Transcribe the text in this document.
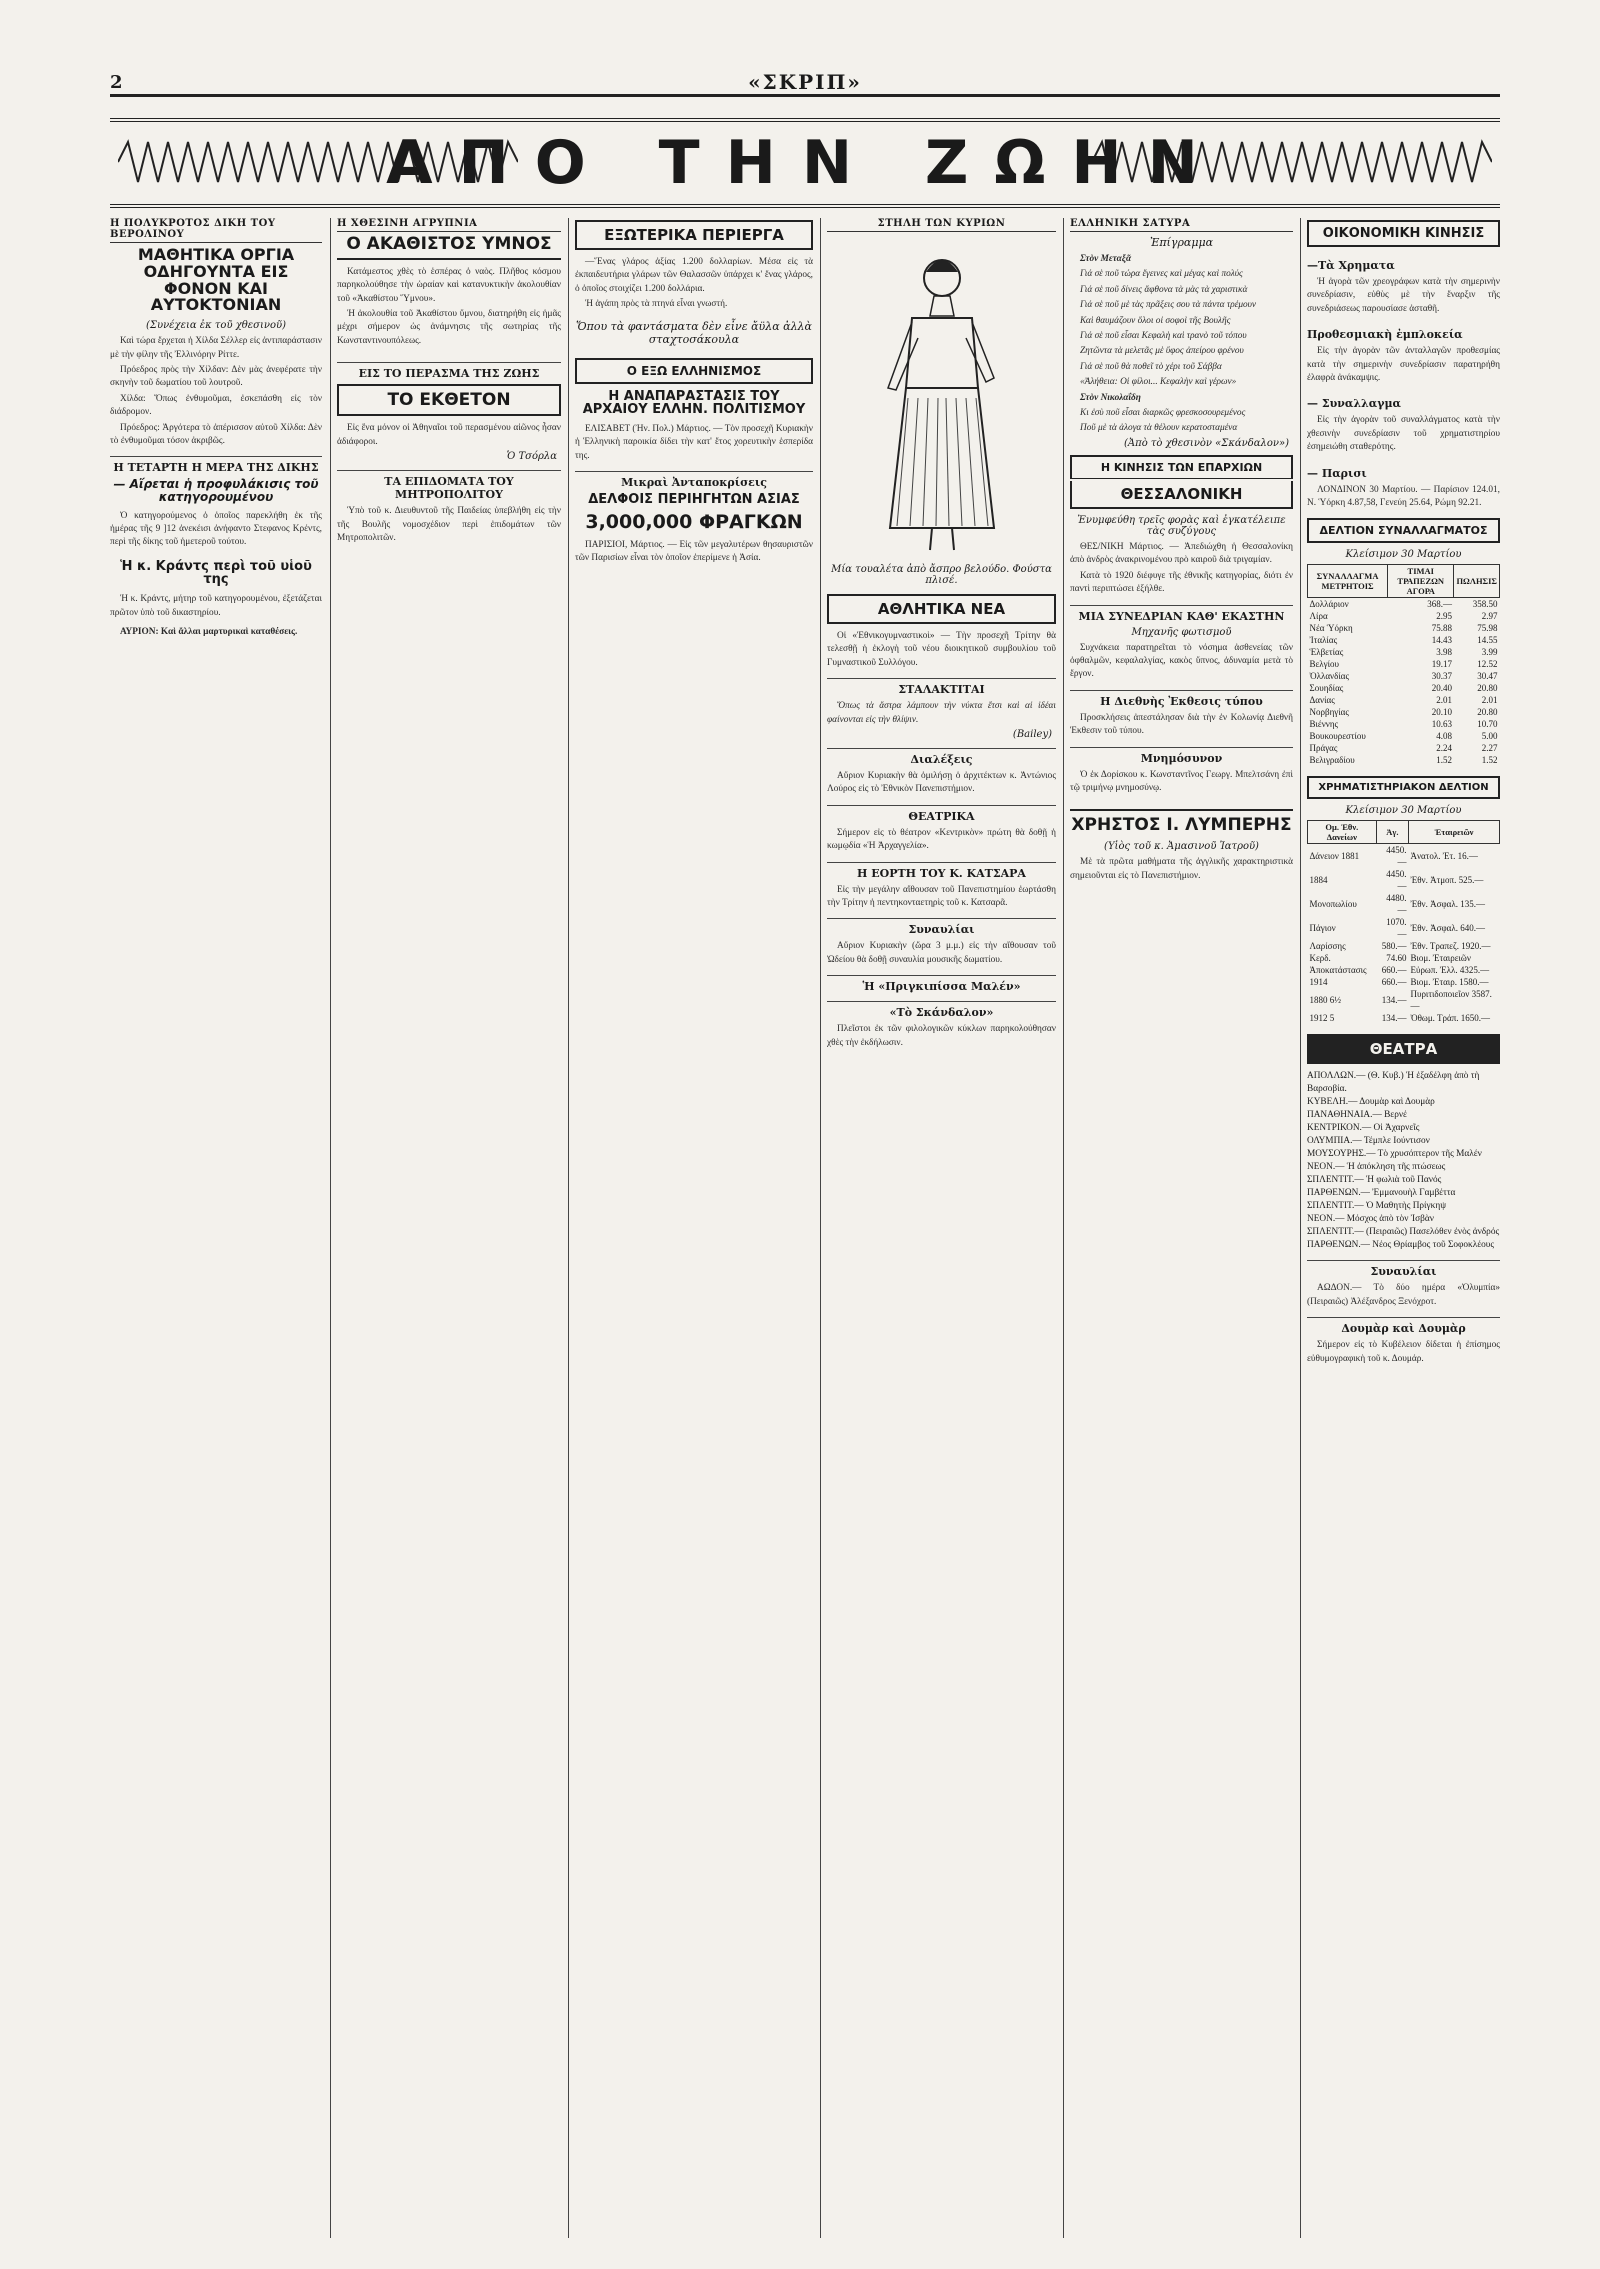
2	«ΣΚΡΙΠ»
ΑΠΟ ΤΗΝ ΖΩΗΝ
Η ΠΟΛΥΚΡΟΤΟΣ ΔΙΚΗ ΤΟΥ ΒΕΡΟΛΙΝΟΥ
ΜΑΘΗΤΙΚΑ ΟΡΓΙΑ ΟΔΗΓΟΥΝΤΑ ΕΙΣ ΦΟΝΟΝ ΚΑΙ ΑΥΤΟΚΤΟΝΙΑΝ
(Συνέχεια ἐκ τοῦ χθεσινοῦ)

Καὶ τώρα ἔρχεται ἡ Χίλδα Σέλλερ εἰς ἀντιπαράστασιν μὲ τὴν φίλην τῆς Ἐλλινόρην Ρίττε.

Πρόεδρος πρὸς τὴν Χίλδαν: Δὲν μὰς ἀνεφέρατε τὴν σκηνὴν τοῦ δωματίου τοῦ λουτροῦ.

Χίλδα: Ὅπως ἐνθυμοῦμαι, ἐσκεπάσθη εἰς τὸν διάδρομον.

Πρόεδρος: Ἀργότερα τὸ ἀπέρισσον αὐτοῦ Χίλδα: Δὲν τὸ ἐνθυμοῦμαι τόσον ἀκριβῶς.

Η ΤΕΤΑΡΤΗ Η ΜΕΡΑ ΤΗΣ ΔΙΚΗΣ
— Αἴρεται ἡ προφυλάκισις τοῦ κατηγορουμένου

Ὁ κατηγορούμενος ὁ ὁποῖος παρεκλήθη ἐκ τῆς ἡμέρας τῆς 9 ]12 ἀνεκέισι ἀνήφαντο Στεφανος Κρέντς, περὶ τῆς δίκης τοῦ ἡμετεροῦ τούτου.

Ἡ κ. Κράντς περὶ τοῦ υἱοῦ της

Ἡ κ. Κράντς, μήτηρ τοῦ κατηγορουμένου, ἐξετάζεται πρῶτον ὑπὸ τοῦ δικαστηρίου.

ΑΥΡΙΟΝ: Καὶ ἄλλαι μαρτυρικαὶ καταθέσεις.

Η ΧΘΕΣΙΝΗ ΑΓΡΥΠΝΙΑ
Ο ΑΚΑΘΙΣΤΟΣ ΥΜΝΟΣ

Κατάμεστος χθὲς τὸ ἑσπέρας ὁ ναὸς. Πλῆθος κόσμου παρηκολούθησε τὴν ὡραίαν καὶ κατανυκτικὴν ἀκολουθίαν τοῦ «Ἀκαθίστου Ὕμνου».

Ἡ ἀκολουθία τοῦ Ἀκαθίστου ὕμνου, διατηρήθη εἰς ἡμᾶς μέχρι σήμερον ὡς ἀνάμνησις τῆς σωτηρίας τῆς Κωνσταντινουπόλεως.

ΕΙΣ ΤΟ ΠΕΡΑΣΜΑ ΤΗΣ ΖΩΗΣ
ΤΟ ΕΚΘΕΤΟΝ

Εἰς ἕνα μόνον οἱ Ἀθηναῖοι τοῦ περασμένου αἰῶνος ἦσαν ἀδιάφοροι.

Ὁ Τσόρλα
ΤΑ ΕΠΙΔΟΜΑΤΑ ΤΟΥ ΜΗΤΡΟΠΟΛΙΤΟΥ

Ὑπὸ τοῦ κ. Διευθυντοῦ τῆς Παιδείας ὑπεβλήθη εἰς τὴν τῆς Βουλῆς νομοσχέδιον περὶ ἐπιδομάτων τῶν Μητροπολιτῶν.

ΕΞΩΤΕΡΙΚΑ ΠΕΡΙΕΡΓΑ

—Ἕνας γλάρος ἀξίας 1.200 δολλαρίων. Μέσα εἰς τὰ ἐκπαιδευτήρια γλάρων τῶν Θαλασσῶν ὑπάρχει κ' ἕνας γλάρος, ὁ ὁποῖος στοιχίζει 1.200 δολλάρια.

Ἡ ἀγάπη πρὸς τὰ πτηνά εἶναι γνωστή.

Ὅπου τὰ φαντάσματα δὲν εἶνε ἄϋλα ἀλλὰ σταχτοσάκουλα
Ο ΕΞΩ ΕΛΛΗΝΙΣΜΟΣ
Η ΑΝΑΠΑΡΑΣΤΑΣΙΣ ΤΟΥ ΑΡΧΑΙΟΥ ΕΛΛΗΝ. ΠΟΛΙΤΙΣΜΟΥ

ΕΛΙΣΑΒΕΤ (Ἠν. Πολ.) Μάρτιος. — Τὸν προσεχῆ Κυριακὴν ἡ Ἑλληνικὴ παροικία δίδει τὴν κατ' ἔτος χορευτικὴν ἑσπερίδα της.

Μικραὶ Ἀνταποκρίσεις
ΔΕΛΦΟΙΣ ΠΕΡΙΗΓΗΤΩΝ ΑΣΙΑΣ
3,000,000 ΦΡΑΓΚΩΝ

ΠΑΡΙΣΙΟΙ, Μάρτιος. — Εἰς τῶν μεγαλυτέρων θησαυριστῶν τῶν Παρισίων εἶναι τὸν ὁποῖον ἐπερίμενε ἡ Ἀσία.

ΣΤΗΛΗ ΤΩΝ ΚΥΡΙΩΝ
Μία τουαλέτα ἀπὸ ἄσπρο βελούδο. Φούστα πλισέ.
ΑΘΛΗΤΙΚΑ ΝΕΑ

Οἱ «Ἐθνικογυμναστικοὶ» — Τὴν προσεχῆ Τρίτην θὰ τελεσθῇ ἡ ἐκλογὴ τοῦ νέου διοικητικοῦ συμβουλίου τοῦ Γυμναστικοῦ Συλλόγου.

ΣΤΑΛΑΚΤΙΤΑΙ

Ὅπως τὰ ἄστρα λάμπουν τὴν νύκτα ἔτσι καὶ αἱ ἰδέαι φαίνονται εἰς τὴν θλίψιν.

(Bailey)
Διαλέξεις

Αὔριον Κυριακὴν θὰ ὁμιλήσῃ ὁ ἀρχιτέκτων κ. Ἀντώνιος Λούρος εἰς τὸ Ἐθνικὸν Πανεπιστήμιον.

ΘΕΑΤΡΙΚΑ

Σήμερον εἰς τὸ θέατρον «Κεντρικὸν» πρώτη θὰ δοθῇ ἡ κωμῳδία «Ἡ Ἀρχαγγελία».

Η ΕΟΡΤΗ ΤΟΥ Κ. ΚΑΤΣΑΡΑ

Εἰς τὴν μεγάλην αἴθουσαν τοῦ Πανεπιστημίου ἐωρτάσθη τὴν Τρίτην ἡ πεντηκονταετηρὶς τοῦ κ. Κατσαρᾶ.

Συναυλίαι

Αὔριον Κυριακὴν (ὥρα 3 μ.μ.) εἰς τὴν αἴθουσαν τοῦ Ὠδείου θὰ δοθῇ συναυλία μουσικῆς δωματίου.

Ἡ «Πριγκιπίσσα Μαλέν»
«Τὸ Σκάνδαλον»

Πλεῖστοι ἐκ τῶν φιλολογικῶν κύκλων παρηκολούθησαν χθὲς τὴν ἐκδήλωσιν.

ΕΛΛΗΝΙΚΗ ΣΑΤΥΡΑ
Ἐπίγραμμα

Στὸν Μεταξᾶ

Γιά σὲ ποῦ τώρα ἔγεινες καὶ μέγας καὶ πολύς

Γιά σὲ ποῦ δίνεις ἄφθονα τὰ μὰς τὰ χαριστικὰ

Γιά σὲ ποῦ μὲ τὰς πρᾶξεις σου τὰ πάντα τρέμουν

Καὶ θαυμάζουν ὅλοι οἱ σοφοὶ τῆς Βουλῆς

Γιά σὲ ποῦ εἶσαι Κεφαλὴ καὶ τρανὸ τοῦ τόπου

Ζητῶντα τὰ μελετᾶς μὲ ὕφος ἀπείρου φρένου

Γιά σὲ ποῦ θὰ ποθεῖ τὸ χέρι τοῦ Σάββα

«Ἀλήθεια: Οἱ φίλοι... Κεφαλὴν καὶ γέρων»

Στὸν Νικολαΐδη

Κι ἐσὺ ποῦ εἶσαι διαρκῶς φρεσκοσουρεμένος

Ποῦ μὲ τὰ ἀλογα τὰ θέλουν κερατοσταμένα

(Ἀπὸ τὸ χθεσινὸν «Σκάνδαλον»)
Η ΚΙΝΗΣΙΣ ΤΩΝ ΕΠΑΡΧΙΩΝ
ΘΕΣΣΑΛΟΝΙΚΗ
Ἐνυμφεύθη τρεῖς φορὰς καὶ ἐγκατέλειπε τὰς συζύγους

ΘΕΣ/ΝΙΚΗ Μάρτιος. — Ἀπεδιώχθη ἡ Θεσσαλονίκη ἀπὸ ἀνδρὸς ἀνακρινομένου πρὸ καιροῦ διὰ τριγαμίαν.

Κατὰ τὸ 1920 διέφυγε τῆς ἐθνικῆς κατηγορίας, διότι ἐν παντὶ περιπτώσει ἐξήλθε.

ΜΙΑ ΣΥΝΕΔΡΙΑΝ ΚΑΘ' ΕΚΑΣΤΗΝ
Μηχανῆς φωτισμοῦ

Συχνάκεια παρατηρεῖται τὸ νόσημα ἀσθενείας τῶν ὀφθαλμῶν, κεφαλαλγίας, κακὸς ὕπνος, ἀδυναμία μετὰ τὸ ἔργον.

Η Διεθνὴς Ἐκθεσις τύπου

Προσκλήσεις ἀπεστάλησαν διὰ τὴν ἐν Κολωνίᾳ Διεθνῆ Ἐκθεσιν τοῦ τύπου.

Μνημόσυνον

Ὁ ἐκ Δορίσκου κ. Κωνσταντῖνος Γεωργ. Μπελτσάνη ἐπὶ τῷ τριμήνῳ μνημοσύνῳ.

ΧΡΗΣΤΟΣ Ι. ΛΥΜΠΕΡΗΣ
(Υἱὸς τοῦ κ. Ἀμασινοῦ Ἰατροῦ)

Μὲ τὰ πρῶτα μαθήματα τῆς ἀγγλικῆς χαρακτηριστικὰ σημειοῦνται εἰς τὸ Πανεπιστήμιον.

ΟΙΚΟΝΟΜΙΚΗ ΚΙΝΗΣΙΣ
—Τὰ Χρηματα

Ἡ ἀγορὰ τῶν χρεογράφων κατὰ τὴν σημερινὴν συνεδρίασιν, εὐθὺς μὲ τὴν ἔναρξιν τῆς συνεδριάσεως παρουσίασε ἀσταθῆ.

Προθεσμιακὴ ἐμπλοκεία

Εἰς τὴν ἀγορὰν τῶν ἀνταλλαγῶν προθεσμίας κατὰ τὴν σημερινὴν συνεδρίασιν παρατηρήθη ἐλαφρὰ ἀνάκαμψις.

— Συναλλαγμα

Εἰς τὴν ἀγορὰν τοῦ συναλλάγματος κατὰ τὴν χθεσινὴν συνεδρίασιν τοῦ χρηματιστηρίου ἐσημειώθη σταθερότης.

— Παρισι

ΛΟΝΔΙΝΟΝ 30 Μαρτίου. — Παρίσιον 124.01, Ν. Ὑόρκη 4.87,58, Γενεύη 25.64, Ρώμη 92.21.

ΔΕΛΤΙΟΝ ΣΥΝΑΛΛΑΓΜΑΤΟΣ
Κλείσιμον 30 Μαρτίου
ΣΥΝΑΛΛΑΓΜΑ ΜΕΤΡΗΤΟΙΣ	ΤΙΜΑΙ ΤΡΑΠΕΖΩΝ ΑΓΟΡΑ	ΠΩΛΗΣΙΣ
Δολλάριον	368.—	358.50
Λίρα	2.95	2.97
Νέα Ὑόρκη	75.88	75.98
Ἰταλίας	14.43	14.55
Ἑλβετίας	3.98	3.99
Βελγίου	19.17	12.52
Ὀλλανδίας	30.37	30.47
Σουηδίας	20.40	20.80
Δανίας	2.01	2.01
Νορβηγίας	20.10	20.80
Βιέννης	10.63	10.70
Βουκουρεστίου	4.08	5.00
Πράγας	2.24	2.27
Βελιγραδίου	1.52	1.52
ΧΡΗΜΑΤΙΣΤΗΡΙΑΚΟΝ ΔΕΛΤΙΟΝ
Κλείσιμον 30 Μαρτίου
Ομ. Ἐθν. Δανείων	Ἀγ.	Ἐταιρειῶν
Δάνειον 1881	4450.—	Ἀνατολ. Ἐτ. 16.—
1884	4450.—	Ἐθν. Ἀτμοπ. 525.—
Μονοπωλίου	4480.—	Ἐθν. Ἀσφαλ. 135.—
Πάγιον	1070.—	Ἐθν. Ἀσφαλ. 640.—
Λαρίσσης	580.—	Ἐθν. Τραπεζ. 1920.—
Κερδ.	74.60	Βιομ. Ἐταιρειῶν
Ἀποκατάστασις	660.—	Εὐρωπ. Ἐλλ. 4325.—
1914	660.—	Βιομ. Ἐταιρ. 1580.—
1880 6½	134.—	Πυριτιδοποιεῖον 3587.—
1912 5	134.—	Ὀθωμ. Τράπ. 1650.—
ΘΕΑΤΡΑ
ΑΠΟΛΛΩΝ.— (Θ. Κυβ.) Ἡ ἐξαδέλφη ἀπὸ τὴ Βαρσοβία.
ΚΥΒΕΛΗ.— Δουμὰρ καὶ Δουμὰρ
ΠΑΝΑΘΗΝΑΙΑ.— Βερνέ
ΚΕΝΤΡΙΚΟΝ.— Οἱ Ἀχαρνεῖς
ΟΛΥΜΠΙΑ.— Τέμπλε Ιούντισον
ΜΟΥΣΟΥΡΗΣ.— Τὸ χρυσόπτερον τῆς Μαλέν
ΝΕΟΝ.— Ἡ ἀπόκληση τῆς πτώσεως
ΣΠΛΕΝΤΙΤ.— Ἡ φωλιὰ τοῦ Πανός
ΠΑΡΘΕΝΩΝ.— Ἐμμανουὴλ Γαμβέττα
ΣΠΛΕΝΤΙΤ.— Ὁ Μαθητὴς Πρίγκηψ
ΝΕΟΝ.— Μόσχος ἀπὸ τὸν Ἰσβὰν
ΣΠΛΕΝΤΙΤ.— (Πειραιῶς) Πασελόθεν ἐνὸς ἀνδρός
ΠΑΡΘΕΝΩΝ.— Νέος Θρίαμβος τοῦ Σοφοκλέους
Συναυλίαι

ΑΩΔΟΝ.— Τὸ δύο ημέρα «Ὀλυμπία» (Πειραιῶς) Ἀλέξανδρος Ξενόχροτ.

Δουμὰρ καὶ Δουμὰρ

Σήμερον εἰς τὸ Κυβέλειον δίδεται ἡ ἐπίσημος εὐθυμογραφικὴ τοῦ κ. Δουμάρ.
